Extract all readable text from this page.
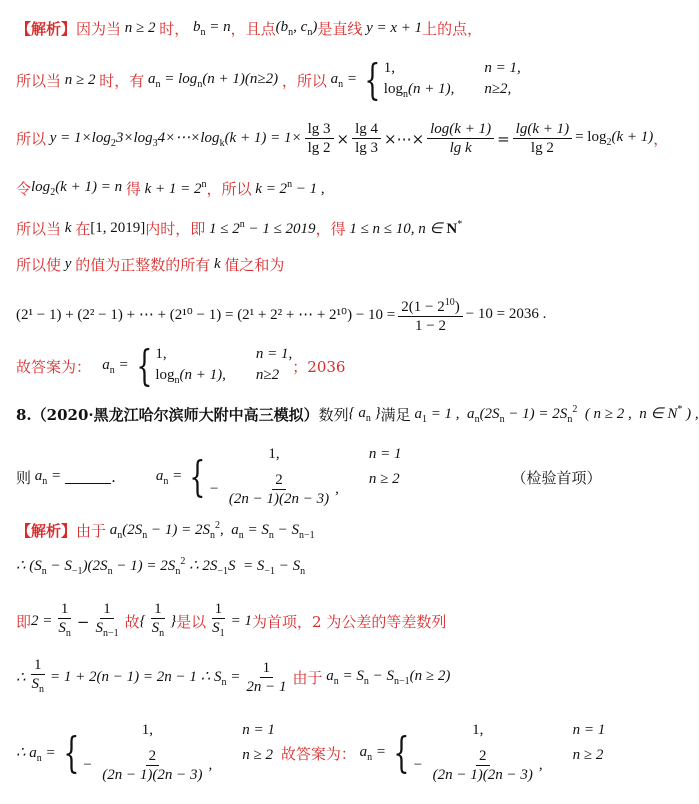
【解析】 因为当 n ≥ 2 时， $b_n = n$ ，且点 ($b_n$, $c_n$) 是直线 y = x + 1 上的点，
所以当 n ≥ 2 时，有 $a_n = \log_n(n + 1)(n\ge 2)$ ，所以 $a_n$ = { 1,	n = 1,
$\log_n(n + 1)$, n≥2,
所以 $y = 1\times\log_23\times\log_34\times\cdots\times\log_k(k + 1) = 1\times \frac{\lg 3}{\lg 2} \times \frac{\lg 4}{\lg 3}$ ×⋯× $\frac{\log(k + 1)}{\text{lg k}} = \frac{\lg(k + 1)}{\lg 2} = \log_2(k + 1)$ ，
令 $\log_2(k + 1) = n$ 得 $k + 1 = 2^n$ ，所以 $k = 2^n - 1$ ,
所以当 k 在 [1, 2019] 内时，即 $1 \le 2^n - 1 \le 2019$ ，得 1 ≤ n ≤ 10, n ∈ N*
所以使 y 的值为正整数的所有 k 值之和为
(2¹ − 1) + (2² − 1) + ⋯ + (2¹⁰ − 1) = (2¹ + 2² + ⋯ + $2^{10}) - 10 = \frac{2(1 - 2^{10})}{1 - 2} - 10 = 2036$ .
故答案为： $a_n$ = { 1,	n = 1,
$\log_n(n + 1)$, n≥2 ；2036
8. （2020·黑龙江哈尔滨师大附中高三模拟） 数列 { $a_n$ } 满足 $a_1 = 1$ ,  $a_n(2S_n - 1) = 2S_n^2$  ( n ≥ 2 ,  n ∈ N* ) ,
则 $a_n$ =	.	$a_n$ = {	1,	n = 1
− $\frac{2}{(2n - 1)(2n - 3)}$ ,
n ≥ 2	（检验首项）
【解析】 由于 $a_n(2S_n - 1) = 2S_n^2$,  $a_n = S_n - S_{n-1}$
∴ $(S_n - S_{-1})(2S_n - 1) = 2S_n^2$ ∴ $2S_{-1}S = S_{-1} - S_n$
即 $2 = \frac{1}{S_n} - \frac{1}{S_{n-1}}$ 故 { $\frac{1}{S_n}$ } 是以 $\frac{1}{S_1} = 1$ 为首项，2 为公差的等差数列
∴ $\frac{1}{S_n} = 1 + 2(n - 1) = 2n - 1$ ∴ $S_n = \frac{1}{2n - 1}$ 由于 $a_n = S_n - S_{n-1}(n \ge 2)$
∴ $a_n$ = {	1,	n = 1
− $\frac{2}{(2n - 1)(2n - 3)}$ ,
n ≥ 2 故答案为： $a_n$ = {	1,	n = 1
− $\frac{2}{(2n - 1)(2n - 3)}$ ,
n ≥ 2
